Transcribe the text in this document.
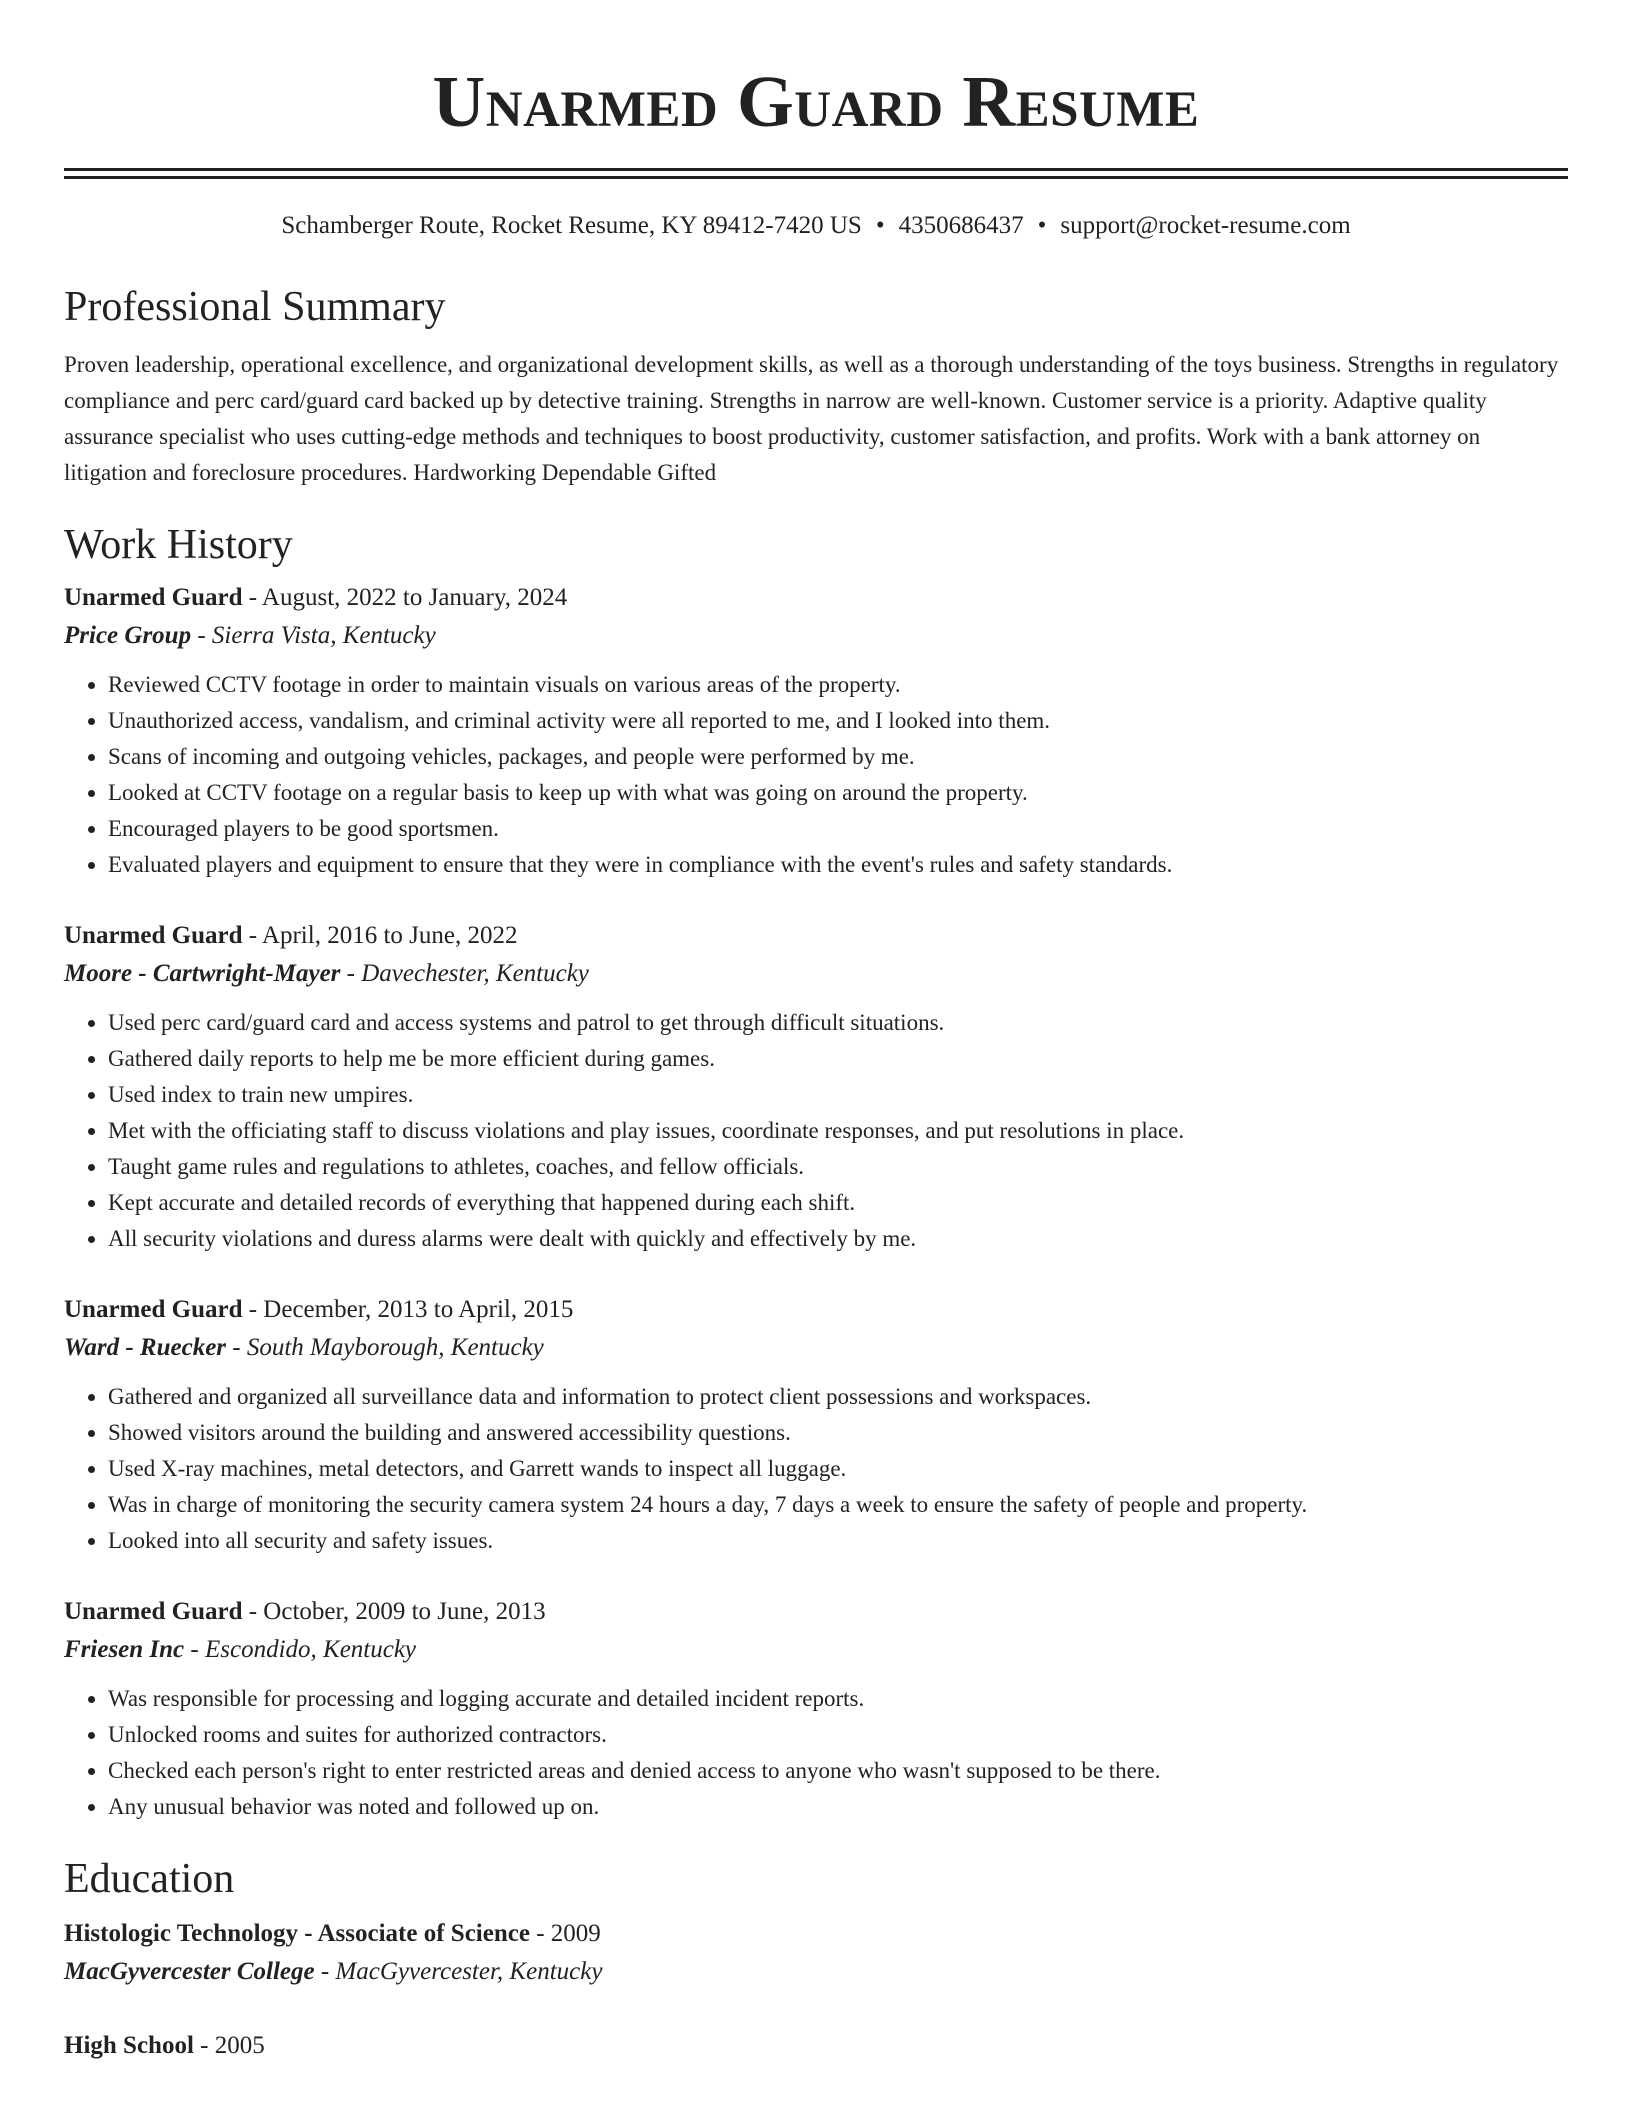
Unarmed Guard Resume
Schamberger Route, Rocket Resume, KY 89412-7420 US • 4350686437 • support@rocket-resume.com
Professional Summary

Proven leadership, operational excellence, and organizational development skills, as well as a thorough understanding of the toys business. Strengths in regulatory compliance and perc card/guard card backed up by detective training. Strengths in narrow are well-known. Customer service is a priority. Adaptive quality assurance specialist who uses cutting-edge methods and techniques to boost productivity, customer satisfaction, and profits. Work with a bank attorney on litigation and foreclosure procedures. Hardworking Dependable Gifted

Work History
Unarmed Guard - August, 2022 to January, 2024
Price Group - Sierra Vista, Kentucky
• Reviewed CCTV footage in order to maintain visuals on various areas of the property.
• Unauthorized access, vandalism, and criminal activity were all reported to me, and I looked into them.
• Scans of incoming and outgoing vehicles, packages, and people were performed by me.
• Looked at CCTV footage on a regular basis to keep up with what was going on around the property.
• Encouraged players to be good sportsmen.
• Evaluated players and equipment to ensure that they were in compliance with the event's rules and safety standards.
Unarmed Guard - April, 2016 to June, 2022
Moore - Cartwright-Mayer - Davechester, Kentucky
• Used perc card/guard card and access systems and patrol to get through difficult situations.
• Gathered daily reports to help me be more efficient during games.
• Used index to train new umpires.
• Met with the officiating staff to discuss violations and play issues, coordinate responses, and put resolutions in place.
• Taught game rules and regulations to athletes, coaches, and fellow officials.
• Kept accurate and detailed records of everything that happened during each shift.
• All security violations and duress alarms were dealt with quickly and effectively by me.
Unarmed Guard - December, 2013 to April, 2015
Ward - Ruecker - South Mayborough, Kentucky
• Gathered and organized all surveillance data and information to protect client possessions and workspaces.
• Showed visitors around the building and answered accessibility questions.
• Used X-ray machines, metal detectors, and Garrett wands to inspect all luggage.
• Was in charge of monitoring the security camera system 24 hours a day, 7 days a week to ensure the safety of people and property.
• Looked into all security and safety issues.
Unarmed Guard - October, 2009 to June, 2013
Friesen Inc - Escondido, Kentucky
• Was responsible for processing and logging accurate and detailed incident reports.
• Unlocked rooms and suites for authorized contractors.
• Checked each person's right to enter restricted areas and denied access to anyone who wasn't supposed to be there.
• Any unusual behavior was noted and followed up on.
Education
Histologic Technology - Associate of Science - 2009
MacGyvercester College - MacGyvercester, Kentucky
High School - 2005
